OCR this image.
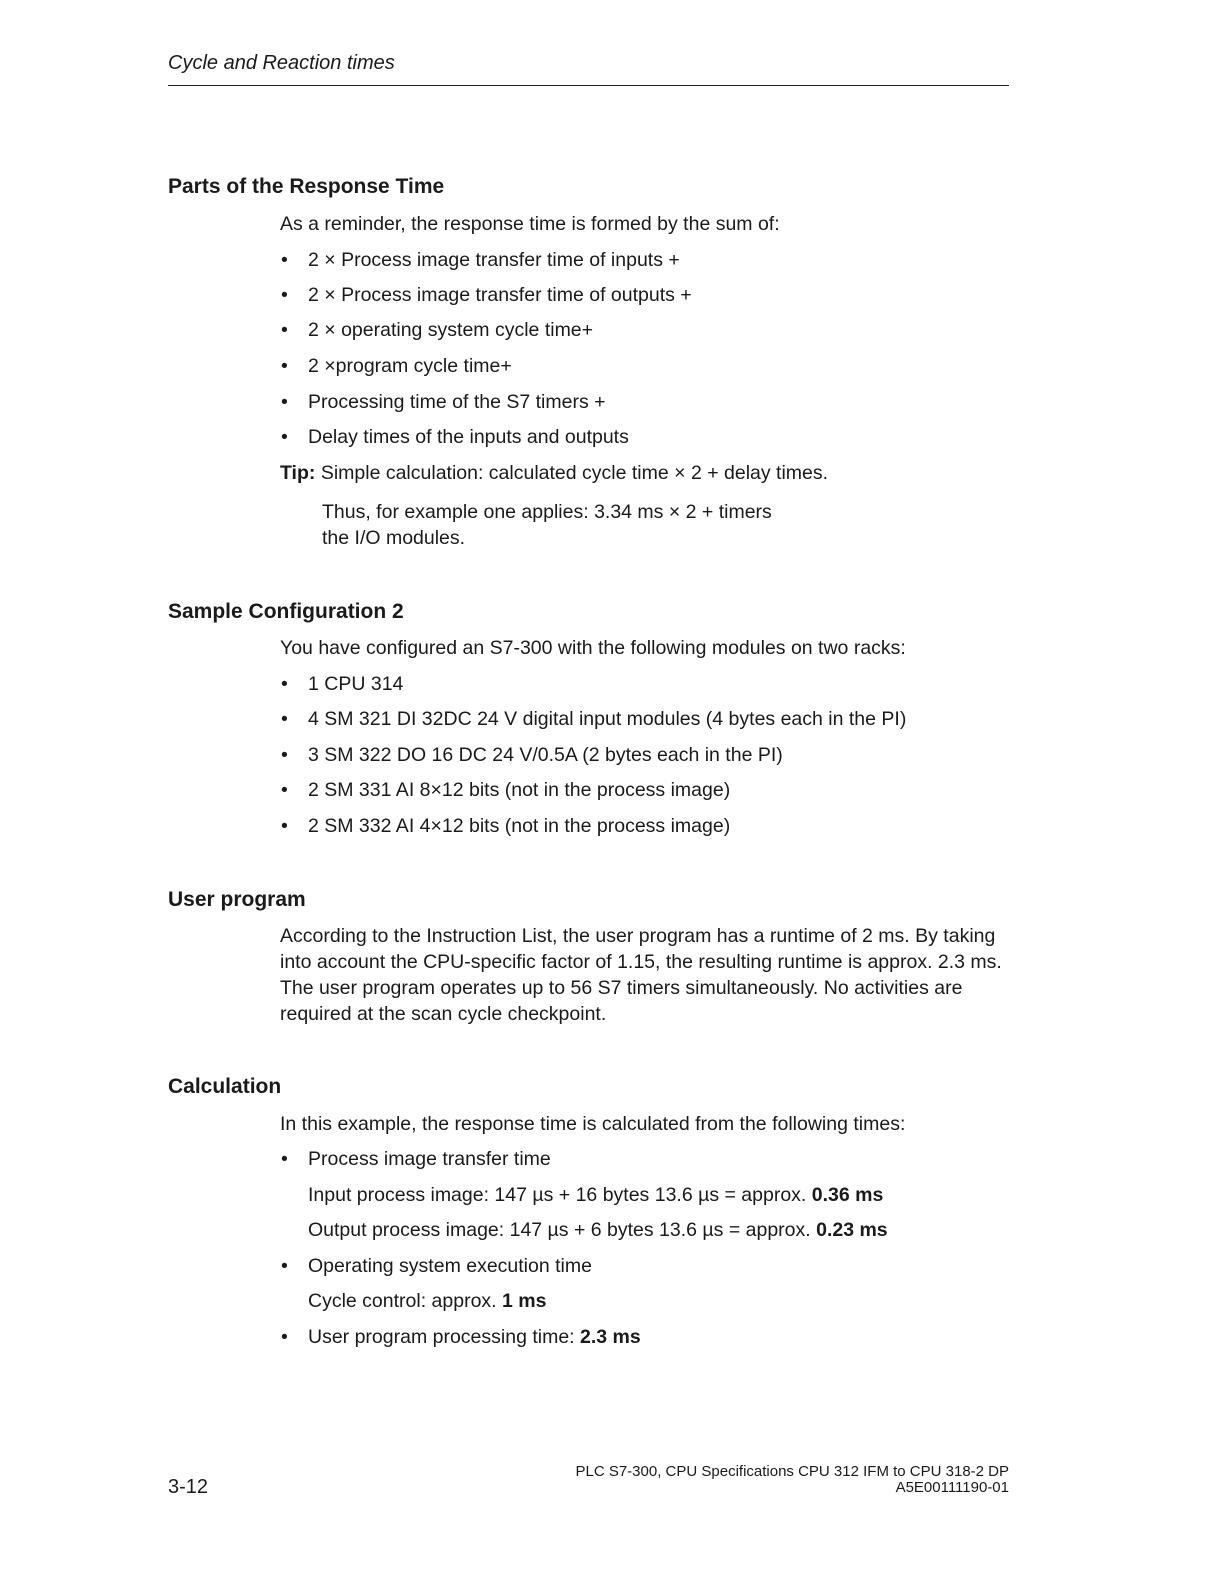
Cycle and Reaction times
Parts of the Response Time
As a reminder, the response time is formed by the sum of:
• 2 × Process image transfer time of inputs +
• 2 × Process image transfer time of outputs +
• 2 × operating system cycle time+
• 2 ×program cycle time+
• Processing time of the S7 timers +
• Delay times of the inputs and outputs
Tip: Simple calculation: calculated cycle time × 2 + delay times.
Thus, for example one applies: 3.34 ms × 2 + timers
the I/O modules.
Sample Configuration 2
You have configured an S7-300 with the following modules on two racks:
• 1 CPU 314
• 4 SM 321 DI 32DC 24 V digital input modules (4 bytes each in the PI)
• 3 SM 322 DO 16 DC 24 V/0.5A (2 bytes each in the PI)
• 2 SM 331 AI 8×12 bits (not in the process image)
• 2 SM 332 AI 4×12 bits (not in the process image)
User program
According to the Instruction List, the user program has a runtime of 2 ms. By taking into account the CPU-specific factor of 1.15, the resulting runtime is approx. 2.3 ms. The user program operates up to 56 S7 timers simultaneously. No activities are required at the scan cycle checkpoint.
Calculation
In this example, the response time is calculated from the following times:
• Process image transfer time
Input process image: 147 µs + 16 bytes 13.6 µs = approx. 0.36 ms
Output process image: 147 µs + 6 bytes 13.6 µs = approx. 0.23 ms
• Operating system execution time
Cycle control: approx. 1 ms
• User program processing time: 2.3 ms
3-12
PLC S7-300, CPU Specifications CPU 312 IFM to CPU 318-2 DP
A5E00111190-01
